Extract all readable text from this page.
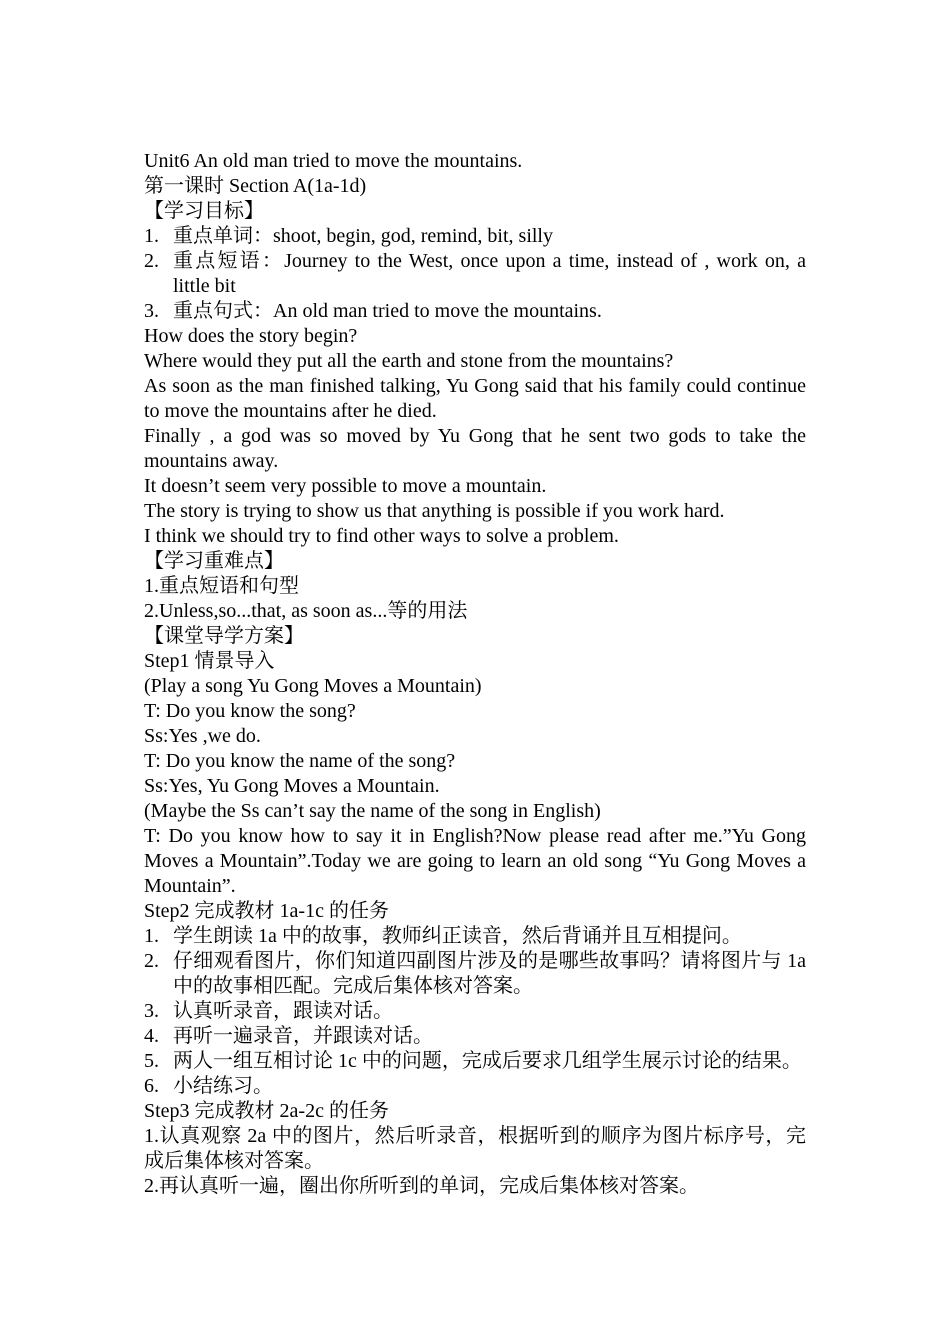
Unit6 An old man tried to move the mountains.

第一课时 Section A(1a-1d)

【学习目标】

1. 重点单词：shoot, begin, god, remind, bit, silly
2. 重点短语：Journey to the West, once upon a time, instead of , work on, a little bit
3. 重点句式：An old man tried to move the mountains.

How does the story begin?

Where would they put all the earth and stone from the mountains?

As soon as the man finished talking, Yu Gong said that his family could continue to move the mountains after he died.

Finally , a god was so moved by Yu Gong that he sent two gods to take the mountains away.

It doesn’t seem very possible to move a mountain.

The story is trying to show us that anything is possible if you work hard.

I think we should try to find other ways to solve a problem.

【学习重难点】

1.重点短语和句型

2.Unless,so...that, as soon as...等的用法

【课堂导学方案】

Step1 情景导入

(Play a song Yu Gong Moves a Mountain)

T: Do you know the song?

Ss:Yes ,we do.

T: Do you know the name of the song?

Ss:Yes, Yu Gong Moves a Mountain.

(Maybe the Ss can’t say the name of the song in English)

T: Do you know how to say it in English?Now please read after me.”Yu Gong Moves a Mountain”.Today we are going to learn an old song “Yu Gong Moves a Mountain”.

Step2 完成教材 1a-1c 的任务

1. 学生朗读 1a 中的故事，教师纠正读音，然后背诵并且互相提问。
2. 仔细观看图片，你们知道四副图片涉及的是哪些故事吗？请将图片与 1a 中的故事相匹配。完成后集体核对答案。
3. 认真听录音，跟读对话。
4. 再听一遍录音，并跟读对话。
5. 两人一组互相讨论 1c 中的问题，完成后要求几组学生展示讨论的结果。
6. 小结练习。

Step3 完成教材 2a-2c 的任务

1.认真观察 2a 中的图片，然后听录音，根据听到的顺序为图片标序号，完成后集体核对答案。

2.再认真听一遍，圈出你所听到的单词，完成后集体核对答案。
